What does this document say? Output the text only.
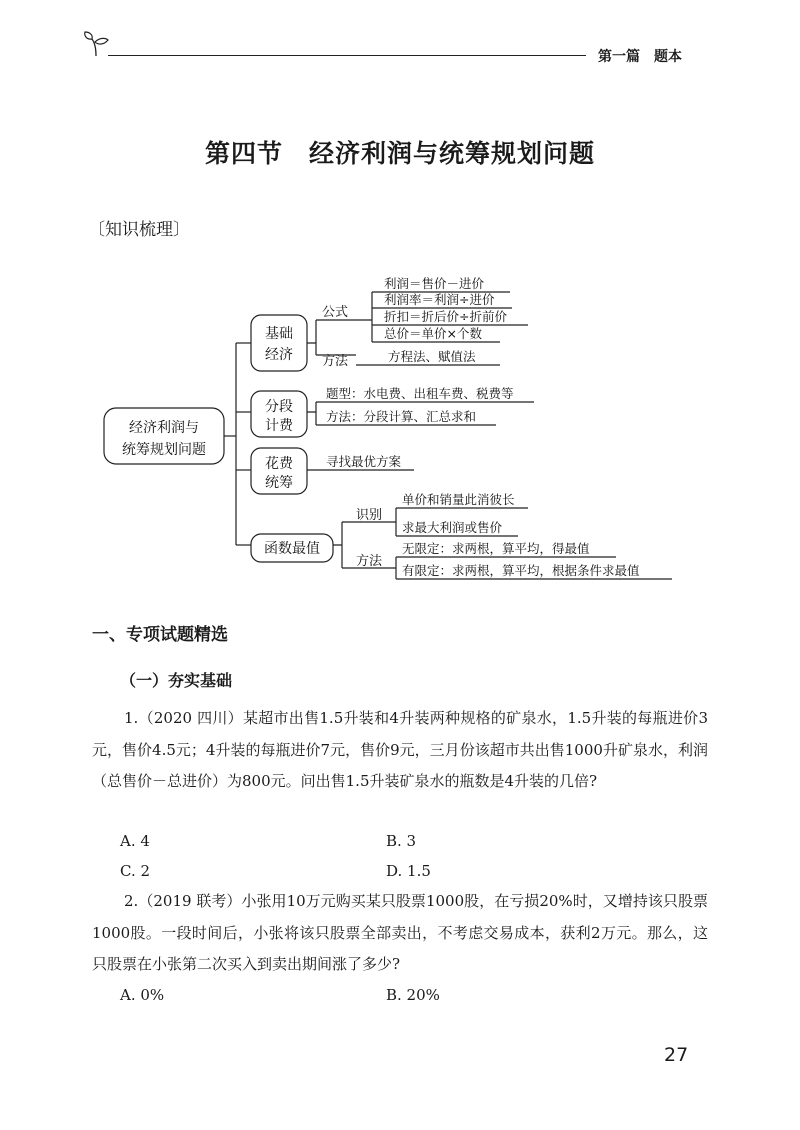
第一篇　题本
第四节　经济利润与统筹规划问题
〔知识梳理〕
经济利润与
统筹规划问题
基础
经济
公式
方法
利润＝售价－进价
利润率＝利润÷进价
折扣＝折后价÷折前价
总价＝单价×个数
方程法、赋值法
分段
计费
题型：水电费、出租车费、税费等
方法：分段计算、汇总求和
花费
统筹
寻找最优方案
函数最值
识别
方法
单价和销量此消彼长
求最大利润或售价
无限定：求两根，算平均，得最值
有限定：求两根，算平均，根据条件求最值
一、专项试题精选
（一）夯实基础
1.（2020 四川）某超市出售1.5升装和4升装两种规格的矿泉水，1.5升装的每瓶进价3元，售价4.5元；4升装的每瓶进价7元，售价9元，三月份该超市共出售1000升矿泉水，利润（总售价－总进价）为800元。问出售1.5升装矿泉水的瓶数是4升装的几倍?
A. 4	B. 3
C. 2	D. 1.5
2.（2019 联考）小张用10万元购买某只股票1000股，在亏损20%时，又增持该只股票1000股。一段时间后，小张将该只股票全部卖出，不考虑交易成本，获利2万元。那么，这只股票在小张第二次买入到卖出期间涨了多少?
A. 0%	B. 20%
27
